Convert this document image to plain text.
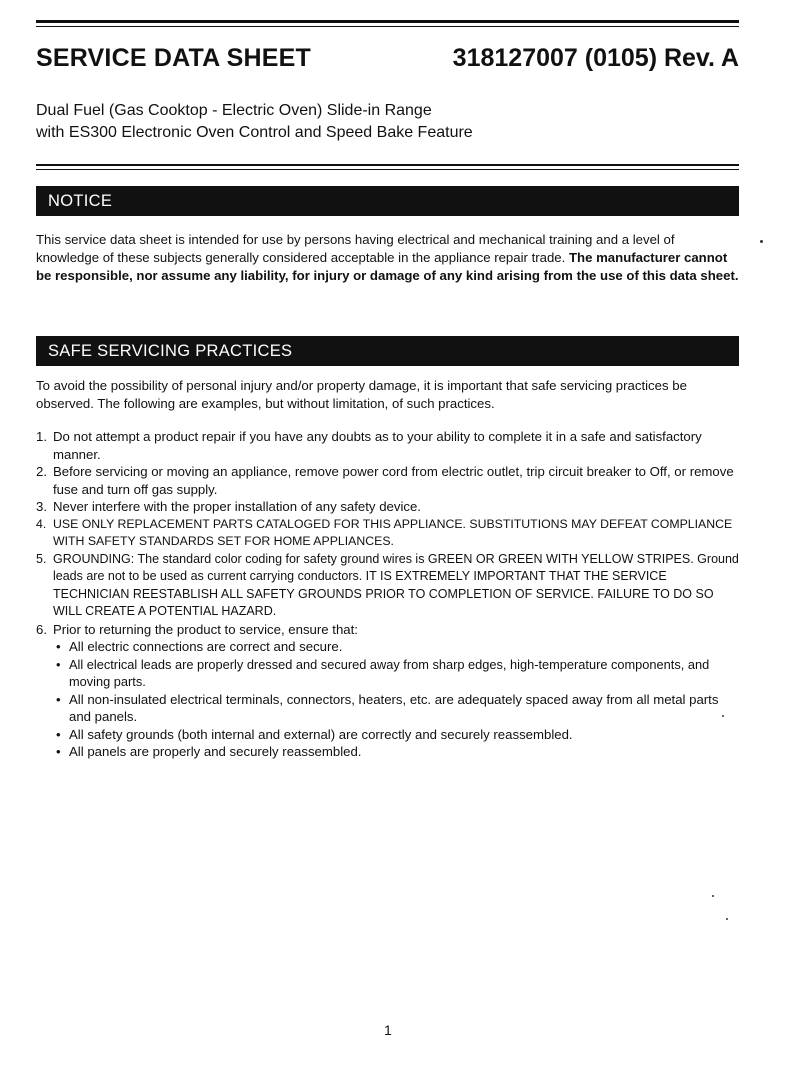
SERVICE DATA SHEET	318127007 (0105) Rev. A
Dual Fuel (Gas Cooktop - Electric Oven) Slide-in Range
with ES300 Electronic Oven Control and Speed Bake Feature
NOTICE
This service data sheet is intended for use by persons having electrical and mechanical training and a level of knowledge of these subjects generally considered acceptable in the appliance repair trade. The manufacturer cannot be responsible, nor assume any liability, for injury or damage of any kind arising from the use of this data sheet.
SAFE SERVICING PRACTICES
To avoid the possibility of personal injury and/or property damage, it is important that safe servicing practices be observed. The following are examples, but without limitation, of such practices.
1. Do not attempt a product repair if you have any doubts as to your ability to complete it in a safe and satisfactory manner.
2. Before servicing or moving an appliance, remove power cord from electric outlet, trip circuit breaker to Off, or remove fuse and turn off gas supply.
3. Never interfere with the proper installation of any safety device.
4. USE ONLY REPLACEMENT PARTS CATALOGED FOR THIS APPLIANCE. SUBSTITUTIONS MAY DEFEAT COMPLIANCE WITH SAFETY STANDARDS SET FOR HOME APPLIANCES.
5. GROUNDING: The standard color coding for safety ground wires is GREEN OR GREEN WITH YELLOW STRIPES. Ground leads are not to be used as current carrying conductors. IT IS EXTREMELY IMPORTANT THAT THE SERVICE TECHNICIAN REESTABLISH ALL SAFETY GROUNDS PRIOR TO COMPLETION OF SERVICE. FAILURE TO DO SO WILL CREATE A POTENTIAL HAZARD.
6. Prior to returning the product to service, ensure that:
• All electric connections are correct and secure.
• All electrical leads are properly dressed and secured away from sharp edges, high-temperature components, and moving parts.
• All non-insulated electrical terminals, connectors, heaters, etc. are adequately spaced away from all metal parts and panels.
• All safety grounds (both internal and external) are correctly and securely reassembled.
• All panels are properly and securely reassembled.
1
